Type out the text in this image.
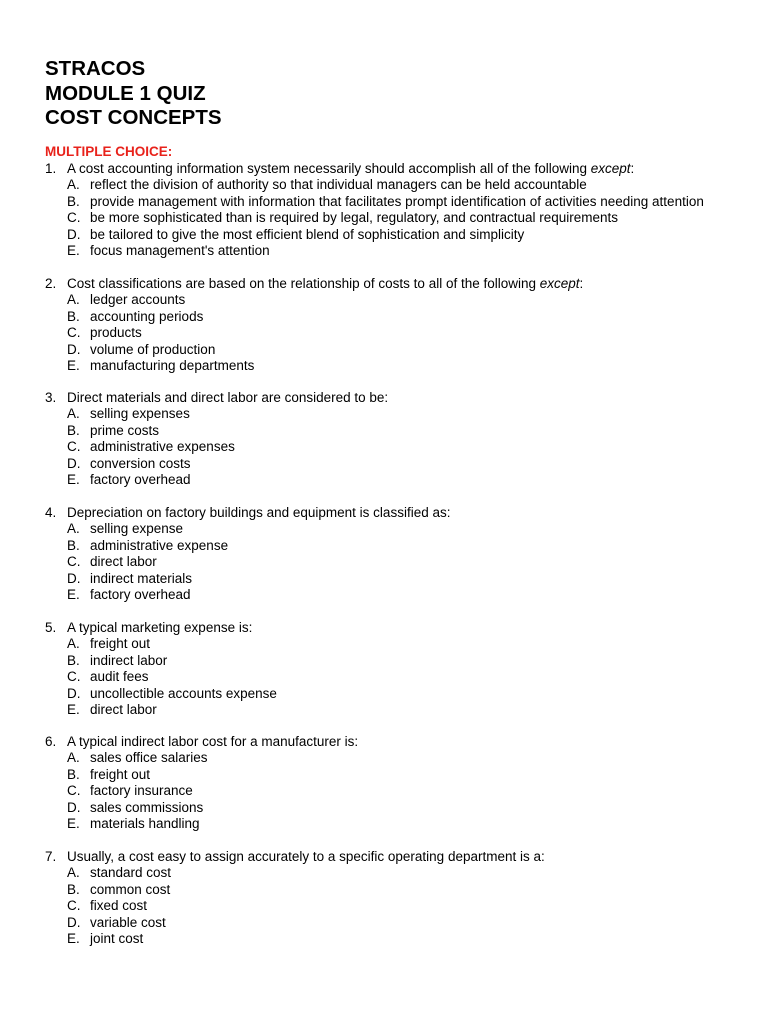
STRACOS
MODULE 1 QUIZ
COST CONCEPTS
MULTIPLE CHOICE:
1. A cost accounting information system necessarily should accomplish all of the following except:
A. reflect the division of authority so that individual managers can be held accountable
B. provide management with information that facilitates prompt identification of activities needing attention
C. be more sophisticated than is required by legal, regulatory, and contractual requirements
D. be tailored to give the most efficient blend of sophistication and simplicity
E. focus management's attention
2. Cost classifications are based on the relationship of costs to all of the following except:
A. ledger accounts
B. accounting periods
C. products
D. volume of production
E. manufacturing departments
3. Direct materials and direct labor are considered to be:
A. selling expenses
B. prime costs
C. administrative expenses
D. conversion costs
E. factory overhead
4. Depreciation on factory buildings and equipment is classified as:
A. selling expense
B. administrative expense
C. direct labor
D. indirect materials
E. factory overhead
5. A typical marketing expense is:
A. freight out
B. indirect labor
C. audit fees
D. uncollectible accounts expense
E. direct labor
6. A typical indirect labor cost for a manufacturer is:
A. sales office salaries
B. freight out
C. factory insurance
D. sales commissions
E. materials handling
7. Usually, a cost easy to assign accurately to a specific operating department is a:
A. standard cost
B. common cost
C. fixed cost
D. variable cost
E. joint cost
